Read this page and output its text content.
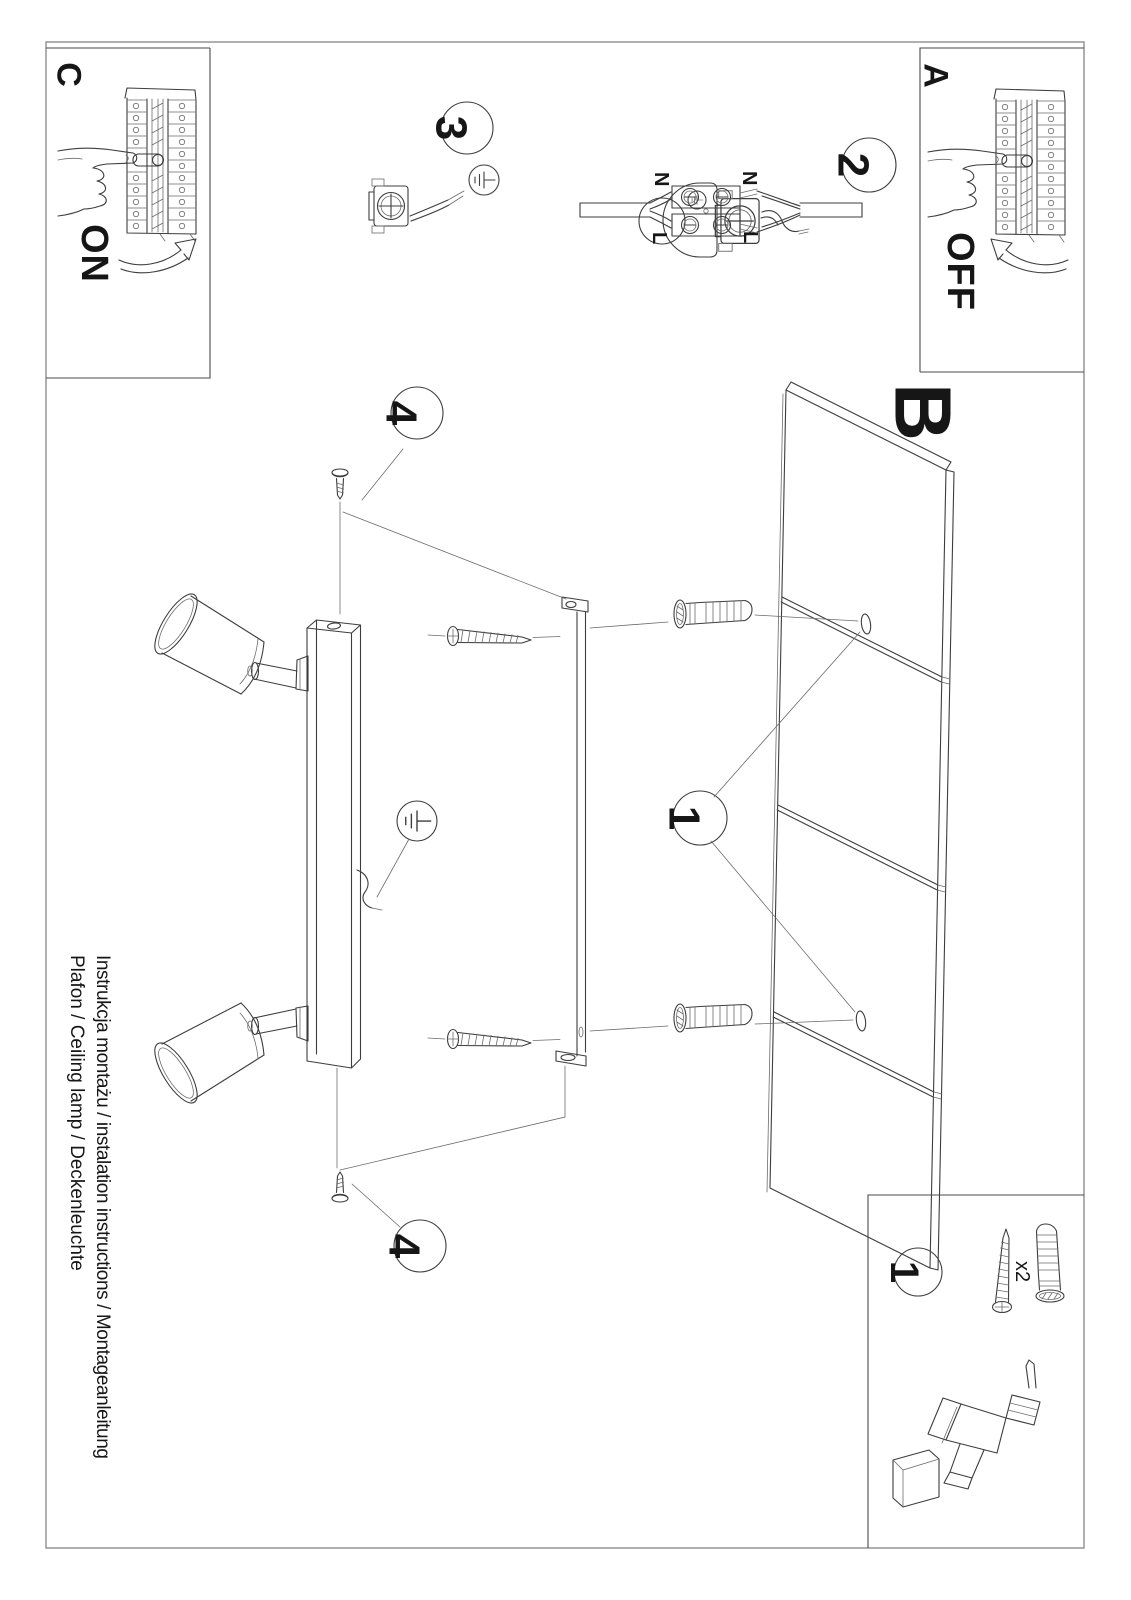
C
ON
A
OFF
3
2
N	N
L	L
B
1
4
4
1	x2
Instrukcja montażu / instalation instructions / Montageanleitung
Plafon / Ceiling lamp / Deckenleuchte
